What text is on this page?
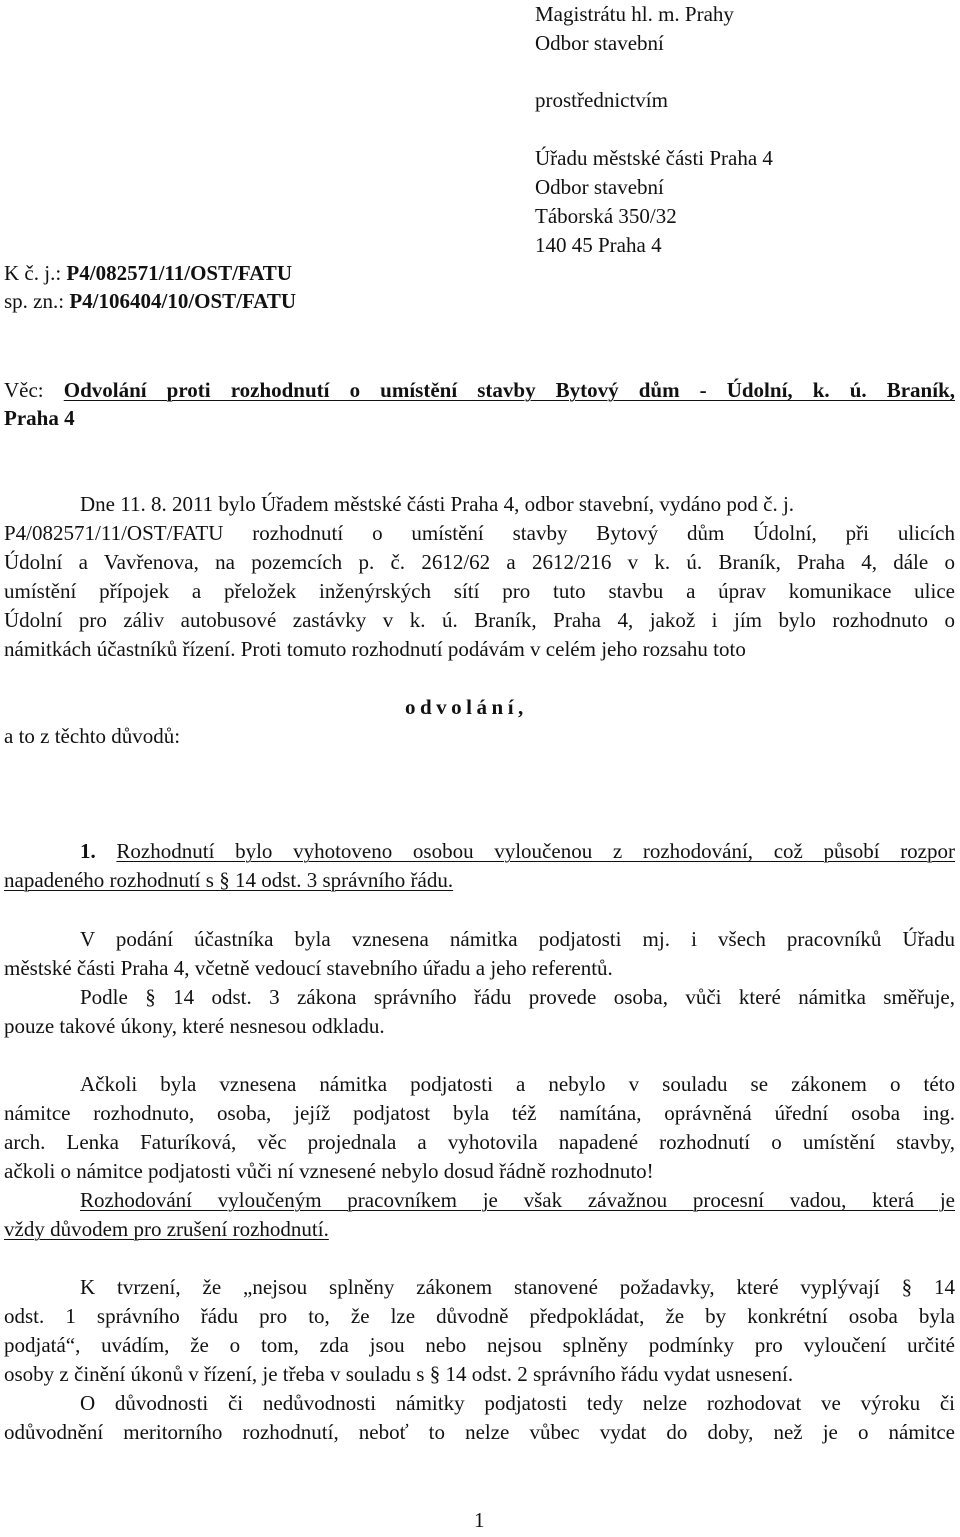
Magistrátu hl. m. Prahy
Odbor stavební
prostřednictvím
Úřadu městské části Praha 4
Odbor stavební
Táborská 350/32
140 45 Praha 4
K č. j.: P4/082571/11/OST/FATU
sp. zn.: P4/106404/10/OST/FATU
Věc: Odvolání proti rozhodnutí o umístění stavby Bytový dům - Údolní, k. ú. Braník,
Praha 4
Dne 11. 8. 2011 bylo Úřadem městské části Praha 4, odbor stavební, vydáno pod č. j.
P4/082571/11/OST/FATU rozhodnutí o umístění stavby Bytový dům Údolní, při ulicích
Údolní a Vavřenova, na pozemcích p. č. 2612/62 a 2612/216 v k. ú. Braník, Praha 4, dále o
umístění přípojek a přeložek inženýrských sítí pro tuto stavbu a úprav komunikace ulice
Údolní pro záliv autobusové zastávky v k. ú. Braník, Praha 4, jakož i jím bylo rozhodnuto o
námitkách účastníků řízení. Proti tomuto rozhodnutí podávám v celém jeho rozsahu toto
odvolání,
a to z těchto důvodů:
1. Rozhodnutí bylo vyhotoveno osobou vyloučenou z rozhodování, což působí rozpor
napadeného rozhodnutí s § 14 odst. 3 správního řádu.
V podání účastníka byla vznesena námitka podjatosti mj. i všech pracovníků Úřadu
městské části Praha 4, včetně vedoucí stavebního úřadu a jeho referentů.
Podle § 14 odst. 3 zákona správního řádu provede osoba, vůči které námitka směřuje,
pouze takové úkony, které nesnesou odkladu.
Ačkoli byla vznesena námitka podjatosti a nebylo v souladu se zákonem o této
námitce rozhodnuto, osoba, jejíž podjatost byla též namítána, oprávněná úřední osoba ing.
arch. Lenka Faturíková, věc projednala a vyhotovila napadené rozhodnutí o umístění stavby,
ačkoli o námitce podjatosti vůči ní vznesené nebylo dosud řádně rozhodnuto!
Rozhodování vyloučeným pracovníkem je však závažnou procesní vadou, která je
vždy důvodem pro zrušení rozhodnutí.
K tvrzení, že „nejsou splněny zákonem stanovené požadavky, které vyplývají § 14
odst. 1 správního řádu pro to, že lze důvodně předpokládat, že by konkrétní osoba byla
podjatá“, uvádím, že o tom, zda jsou nebo nejsou splněny podmínky pro vyloučení určité
osoby z činění úkonů v řízení, je třeba v souladu s § 14 odst. 2 správního řádu vydat usnesení.
O důvodnosti či nedůvodnosti námitky podjatosti tedy nelze rozhodovat ve výroku či
odůvodnění meritorního rozhodnutí, neboť to nelze vůbec vydat do doby, než je o námitce
1
